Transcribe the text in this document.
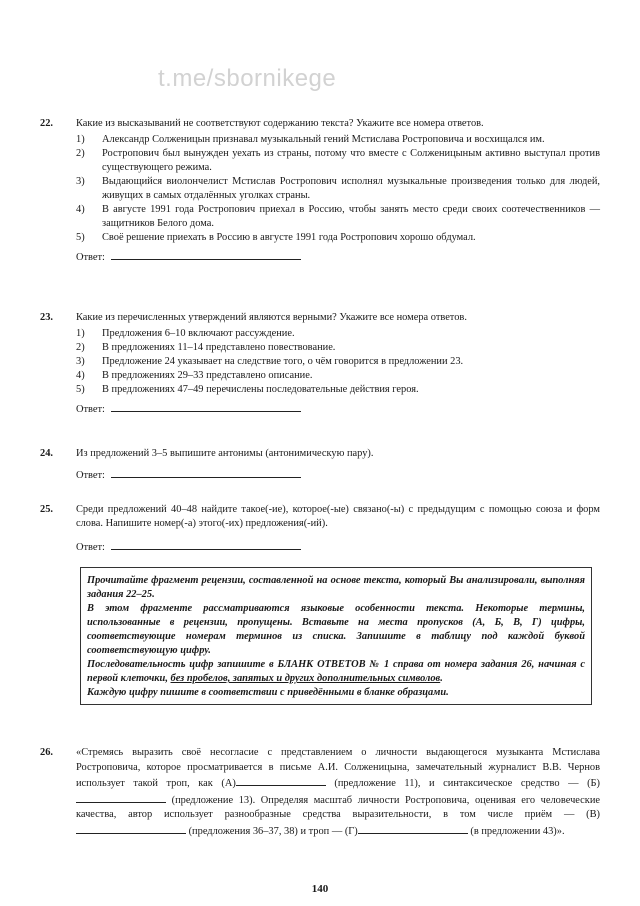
t.me/sbornikege
22. Какие из высказываний не соответствуют содержанию текста? Укажите все номера ответов.
1)	Александр Солженицын признавал музыкальный гений Мстислава Ростроповича и восхищался им.
2)	Ростропович был вынужден уехать из страны, потому что вместе с Солженицыным активно выступал против существующего режима.
3)	Выдающийся виолончелист Мстислав Ростропович исполнял музыкальные произведения только для людей, живущих в самых отдалённых уголках страны.
4)	В августе 1991 года Ростропович приехал в Россию, чтобы занять место среди своих соотечественников — защитников Белого дома.
5)	Своё решение приехать в Россию в августе 1991 года Ростропович хорошо обдумал.
Ответ:
23. Какие из перечисленных утверждений являются верными? Укажите все номера ответов.
1)	Предложения 6–10 включают рассуждение.
2)	В предложениях 11–14 представлено повествование.
3)	Предложение 24 указывает на следствие того, о чём говорится в предложении 23.
4)	В предложениях 29–33 представлено описание.
5)	В предложениях 47–49 перечислены последовательные действия героя.
Ответ:
24. Из предложений 3–5 выпишите антонимы (антонимическую пару).
Ответ:
25. Среди предложений 40–48 найдите такое(-ие), которое(-ые) связано(-ы) с предыдущим с помощью союза и форм слова. Напишите номер(-а) этого(-их) предложения(-ий).
Ответ:

Прочитайте фрагмент рецензии, составленной на основе текста, который Вы анализировали, выполняя задания 22–25.

В этом фрагменте рассматриваются языковые особенности текста. Некоторые термины, использованные в рецензии, пропущены. Вставьте на места пропусков (А, Б, В, Г) цифры, соответствующие номерам терминов из списка. Запишите в таблицу под каждой буквой соответствующую цифру.

Последовательность цифр запишите в БЛАНК ОТВЕТОВ № 1 справа от номера задания 26, начиная с первой клеточки, без пробелов, запятых и других дополнительных символов.

Каждую цифру пишите в соответствии с приведёнными в бланке образцами.

26. «Стремясь выразить своё несогласие с представлением о личности выдающегося музыканта Мстислава Ростроповича, которое просматривается в письме А.И. Солженицына, замечательный журналист В.В. Чернов использует такой троп, как (А)	(предложение 11), и синтаксическое средство — (Б) (предложение 13). Определяя масштаб личности Ростроповича, оценивая его человеческие качества, автор использует разнообразные средства выразительности, в том числе приём — (В) (предложения 36–37, 38) и троп — (Г)	(в предложении 43)».
140
